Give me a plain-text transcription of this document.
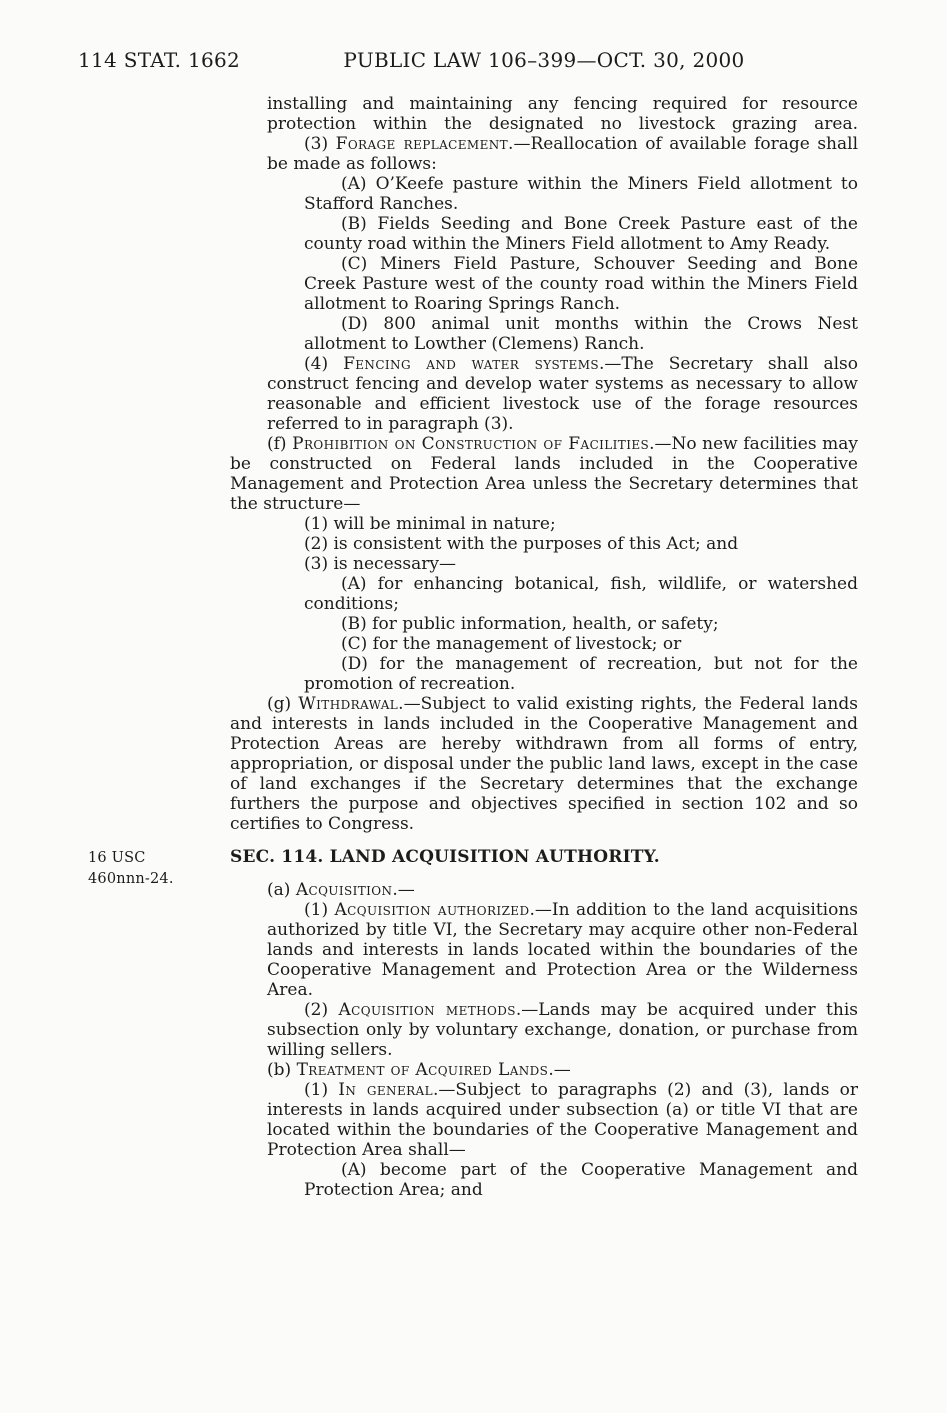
114 STAT. 1662	PUBLIC LAW 106–399—OCT. 30, 2000
installing and maintaining any fencing required for resource protection within the designated no livestock grazing area.
(3) Forage replacement.—Reallocation of available forage shall be made as follows:
(A) O’Keefe pasture within the Miners Field allotment to Stafford Ranches.
(B) Fields Seeding and Bone Creek Pasture east of the county road within the Miners Field allotment to Amy Ready.
(C) Miners Field Pasture, Schouver Seeding and Bone Creek Pasture west of the county road within the Miners Field allotment to Roaring Springs Ranch.
(D) 800 animal unit months within the Crows Nest allotment to Lowther (Clemens) Ranch.
(4) Fencing and water systems.—The Secretary shall also construct fencing and develop water systems as necessary to allow reasonable and efficient livestock use of the forage resources referred to in paragraph (3).
(f) Prohibition on Construction of Facilities.—No new facilities may be constructed on Federal lands included in the Cooperative Management and Protection Area unless the Secretary determines that the structure—
(1) will be minimal in nature;
(2) is consistent with the purposes of this Act; and
(3) is necessary—
(A) for enhancing botanical, fish, wildlife, or watershed conditions;
(B) for public information, health, or safety;
(C) for the management of livestock; or
(D) for the management of recreation, but not for the promotion of recreation.
(g) Withdrawal.—Subject to valid existing rights, the Federal lands and interests in lands included in the Cooperative Management and Protection Areas are hereby withdrawn from all forms of entry, appropriation, or disposal under the public land laws, except in the case of land exchanges if the Secretary determines that the exchange furthers the purpose and objectives specified in section 102 and so certifies to Congress.
SEC. 114. LAND ACQUISITION AUTHORITY.
16 USC
460nnn-24.
(a) Acquisition.—
(1) Acquisition authorized.—In addition to the land acquisitions authorized by title VI, the Secretary may acquire other non-Federal lands and interests in lands located within the boundaries of the Cooperative Management and Protection Area or the Wilderness Area.
(2) Acquisition methods.—Lands may be acquired under this subsection only by voluntary exchange, donation, or purchase from willing sellers.
(b) Treatment of Acquired Lands.—
(1) In general.—Subject to paragraphs (2) and (3), lands or interests in lands acquired under subsection (a) or title VI that are located within the boundaries of the Cooperative Management and Protection Area shall—
(A) become part of the Cooperative Management and Protection Area; and
